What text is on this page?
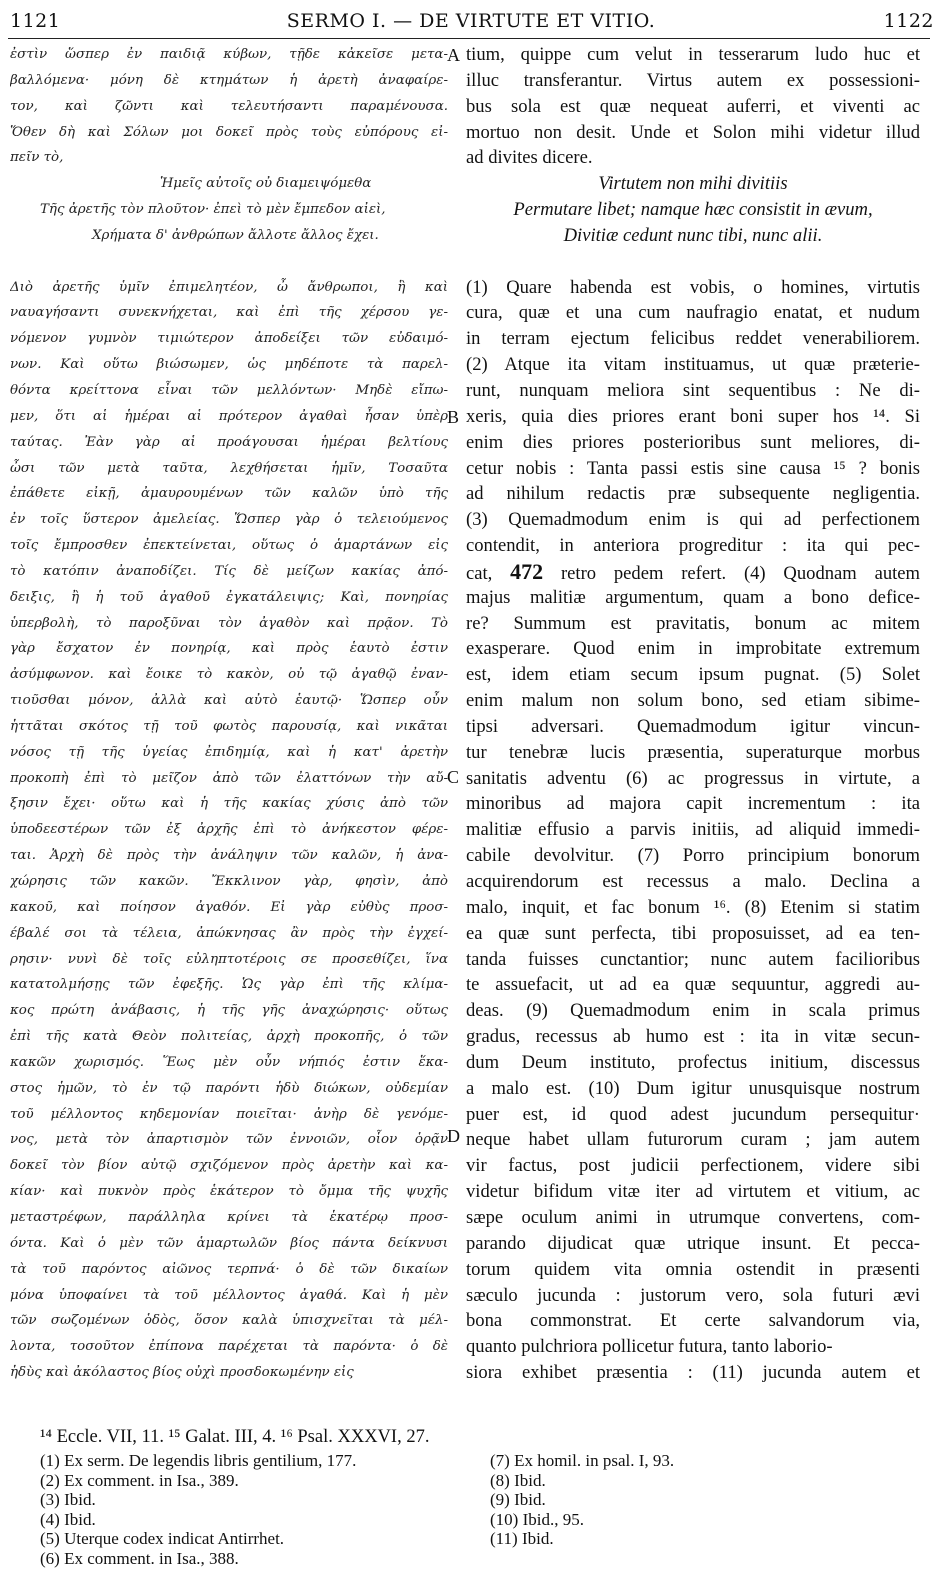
1121	SERMO I. — DE VIRTUTE ET VITIO.	1122
ἐστὶν ὥσπερ ἐν παιδιᾷ κύβων, τῇδε κἀκεῖσε μετα-
βαλλόμενα· μόνη δὲ κτημάτων ἡ ἀρετὴ ἀναφαίρε-
τον, καὶ ζῶντι καὶ τελευτήσαντι παραμένουσα.
Ὅθεν δὴ καὶ Σόλων μοι δοκεῖ πρὸς τοὺς εὐπόρους εἰ-
πεῖν τὸ,
Ἡμεῖς αὐτοῖς οὐ διαμειψόμεθα
Τῆς ἀρετῆς τὸν πλοῦτον· ἐπεὶ τὸ μὲν ἔμπεδον αἰεὶ,
Χρήματα δ' ἀνθρώπων ἄλλοτε ἄλλος ἔχει.
Διὸ ἀρετῆς ὑμῖν ἐπιμελητέον, ὦ ἄνθρωποι, ἣ καὶ
ναυαγήσαντι συνεκνήχεται, καὶ ἐπὶ τῆς χέρσου γε-
νόμενον γυμνὸν τιμιώτερον ἀποδείξει τῶν εὐδαιμό-
νων. Καὶ οὕτω βιώσωμεν, ὡς μηδέποτε τὰ παρελ-
θόντα κρείττονα εἶναι τῶν μελλόντων· Μηδὲ εἴπω-
μεν, ὅτι αἱ ἡμέραι αἱ πρότερον ἀγαθαὶ ἦσαν ὑπὲρ
ταύτας. Ἐὰν γὰρ αἱ προάγουσαι ἡμέραι βελτίους
ὦσι τῶν μετὰ ταῦτα, λεχθήσεται ἡμῖν, Τοσαῦτα
ἐπάθετε εἰκῇ, ἀμαυρουμένων τῶν καλῶν ὑπὸ τῆς
ἐν τοῖς ὕστερον ἀμελείας. Ὥσπερ γὰρ ὁ τελειούμενος
τοῖς ἔμπροσθεν ἐπεκτείνεται, οὕτως ὁ ἁμαρτάνων εἰς
τὸ κατόπιν ἀναποδίζει. Τίς δὲ μείζων κακίας ἀπό-
δειξις, ἢ ἡ τοῦ ἀγαθοῦ ἐγκατάλειψις; Καὶ, πονηρίας
ὑπερβολὴ, τὸ παροξῦναι τὸν ἀγαθὸν καὶ πρᾷον. Τὸ
γὰρ ἔσχατον ἐν πονηρίᾳ, καὶ πρὸς ἑαυτὸ ἐστιν
ἀσύμφωνον. καὶ ἔοικε τὸ κακὸν, οὐ τῷ ἀγαθῷ ἐναν-
τιοῦσθαι μόνον, ἀλλὰ καὶ αὐτὸ ἑαυτῷ· Ὥσπερ οὖν
ἡττᾶται σκότος τῇ τοῦ φωτὸς παρουσίᾳ, καὶ νικᾶται
νόσος τῇ τῆς ὑγείας ἐπιδημίᾳ, καὶ ἡ κατ' ἀρετὴν
προκοπὴ ἐπὶ τὸ μεῖζον ἀπὸ τῶν ἐλαττόνων τὴν αὔ-
ξησιν ἔχει· οὕτω καὶ ἡ τῆς κακίας χύσις ἀπὸ τῶν
ὑποδεεστέρων τῶν ἐξ ἀρχῆς ἐπὶ τὸ ἀνήκεστον φέρε-
ται. Ἀρχὴ δὲ πρὸς τὴν ἀνάληψιν τῶν καλῶν, ἡ ἀνα-
χώρησις τῶν κακῶν. Ἔκκλινον γὰρ, φησὶν, ἀπὸ
κακοῦ, καὶ ποίησον ἀγαθόν. Εἰ γὰρ εὐθὺς προσ-
έβαλέ σοι τὰ τέλεια, ἀπώκνησας ἂν πρὸς τὴν ἐγχεί-
ρησιν· νυνὶ δὲ τοῖς εὐληπτοτέροις σε προσεθίζει, ἵνα
κατατολμήσῃς τῶν ἐφεξῆς. Ὡς γὰρ ἐπὶ τῆς κλίμα-
κος πρώτη ἀνάβασις, ἡ τῆς γῆς ἀναχώρησις· οὕτως
ἐπὶ τῆς κατὰ Θεὸν πολιτείας, ἀρχὴ προκοπῆς, ὁ τῶν
κακῶν χωρισμός. Ἕως μὲν οὖν νήπιός ἐστιν ἕκα-
στος ἡμῶν, τὸ ἐν τῷ παρόντι ἡδὺ διώκων, οὐδεμίαν
τοῦ μέλλοντος κηδεμονίαν ποιεῖται· ἀνὴρ δὲ γενόμε-
νος, μετὰ τὸν ἀπαρτισμὸν τῶν ἐννοιῶν, οἷον ὁρᾷν
δοκεῖ τὸν βίον αὐτῷ σχιζόμενον πρὸς ἀρετὴν καὶ κα-
κίαν· καὶ πυκνὸν πρὸς ἑκάτερον τὸ ὄμμα τῆς ψυχῆς
μεταστρέφων, παράλληλα κρίνει τὰ ἑκατέρῳ προσ-
όντα. Καὶ ὁ μὲν τῶν ἁμαρτωλῶν βίος πάντα δείκνυσι
τὰ τοῦ παρόντος αἰῶνος τερπνά· ὁ δὲ τῶν δικαίων
μόνα ὑποφαίνει τὰ τοῦ μέλλοντος ἀγαθά. Καὶ ἡ μὲν
τῶν σωζομένων ὁδὸς, ὅσον καλὰ ὑπισχνεῖται τὰ μέλ-
λοντα, τοσοῦτον ἐπίπονα παρέχεται τὰ παρόντα· ὁ δὲ
ἡδὺς καὶ ἀκόλαστος βίος οὐχὶ προσδοκωμένην εἰς
tium, quippe cum velut in tesserarum ludo huc et
illuc transferantur. Virtus autem ex possessioni-
bus sola est quæ nequeat auferri, et viventi ac
mortuo non desit. Unde et Solon mihi videtur illud
ad divites dicere.
Virtutem non mihi divitiis
Permutare libet; namque hæc consistit in ævum,
Divitiæ cedunt nunc tibi, nunc alii.
(1) Quare habenda est vobis, o homines, virtutis
cura, quæ et una cum naufragio enatat, et nudum
in terram ejectum felicibus reddet venerabiliorem.
(2) Atque ita vitam instituamus, ut quæ præterie-
runt, nunquam meliora sint sequentibus : Ne di-
xeris, quia dies priores erant boni super hos ¹⁴. Si
enim dies priores posterioribus sunt meliores, di-
cetur nobis : Tanta passi estis sine causa ¹⁵ ? bonis
ad nihilum redactis præ subsequente negligentia.
(3) Quemadmodum enim is qui ad perfectionem
contendit, in anteriora progreditur : ita qui pec-
cat, 472 retro pedem refert. (4) Quodnam autem
majus malitiæ argumentum, quam a bono defice-
re? Summum est pravitatis, bonum ac mitem
exasperare. Quod enim in improbitate extremum
est, idem etiam secum ipsum pugnat. (5) Solet
enim malum non solum bono, sed etiam sibime-
tipsi adversari. Quemadmodum igitur vincun-
tur tenebræ lucis præsentia, superaturque morbus
sanitatis adventu (6) ac progressus in virtute, a
minoribus ad majora capit incrementum : ita
malitiæ effusio a parvis initiis, ad aliquid immedi-
cabile devolvitur. (7) Porro principium bonorum
acquirendorum est recessus a malo. Declina a
malo, inquit, et fac bonum ¹⁶. (8) Etenim si statim
ea quæ sunt perfecta, tibi proposuisset, ad ea ten-
tanda fuisses cunctantior; nunc autem facilioribus
te assuefacit, ut ad ea quæ sequuntur, aggredi au-
deas. (9) Quemadmodum enim in scala primus
gradus, recessus ab humo est : ita in vitæ secun-
dum Deum instituto, profectus initium, discessus
a malo est. (10) Dum igitur unusquisque nostrum
puer est, id quod adest jucundum persequitur·
neque habet ullam futurorum curam ; jam autem
vir factus, post judicii perfectionem, videre sibi
videtur bifidum vitæ iter ad virtutem et vitium, ac
sæpe oculum animi in utrumque convertens, com-
parando dijudicat quæ utrique insunt. Et pecca-
torum quidem vita omnia ostendit in præsenti
sæculo jucunda : justorum vero, sola futuri ævi
bona commonstrat. Et certe salvandorum via,
quanto pulchriora pollicetur futura, tanto laborio-
siora exhibet præsentia : (11) jucunda autem et
A
B
C
D
¹⁴ Eccle. VII, 11. ¹⁵ Galat. III, 4. ¹⁶ Psal. XXXVI, 27.
(1) Ex serm. De legendis libris gentilium, 177.
(2) Ex comment. in Isa., 389.
(3) Ibid.
(4) Ibid.
(5) Uterque codex indicat Antirrhet.
(6) Ex comment. in Isa., 388.
(7) Ex homil. in psal. I, 93.
(8) Ibid.
(9) Ibid.
(10) Ibid., 95.
(11) Ibid.
